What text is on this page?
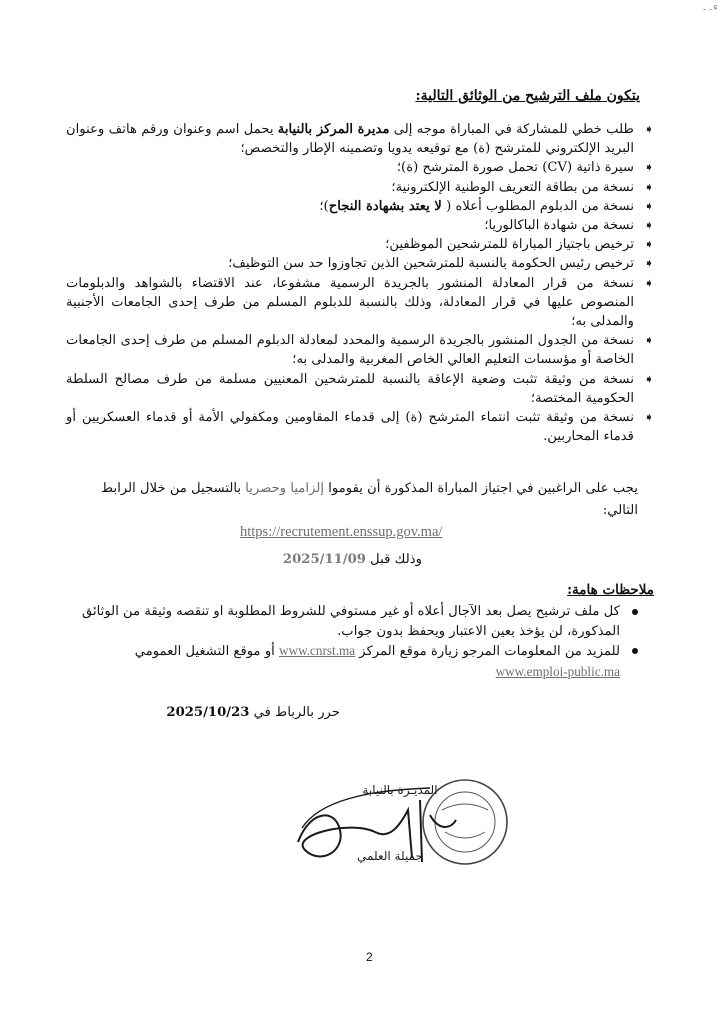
ء۔۔
يتكون ملف الترشيح من الوثائق التالية:
➧
طلب خطي للمشاركة في المباراة موجه إلى مديرة المركز بالنيابة يحمل اسم وعنوان ورقم هاتف وعنوان البريد الإلكتروني للمترشح (ة) مع توقيعه يدويا وتضمينه الإطار والتخصص؛
➧
سيرة ذاتية (CV) تحمل صورة المترشح (ة)؛
➧
نسخة من بطاقة التعريف الوطنية الإلكترونية؛
➧
نسخة من الدبلوم المطلوب أعلاه ( لا يعتد بشهادة النجاح)؛
➧
نسخة من شهادة الباكالوريا؛
➧
ترخيص باجتياز المباراة للمترشحين الموظفين؛
➧
ترخيص رئيس الحكومة بالنسبة للمترشحين الذين تجاوزوا حد سن التوظيف؛
➧
نسخة من قرار المعادلة المنشور بالجريدة الرسمية مشفوعا، عند الاقتضاء بالشواهد والدبلومات المنصوص عليها في قرار المعادلة، وذلك بالنسبة للدبلوم المسلم من طرف إحدى الجامعات الأجنبية والمدلى به؛
➧
نسخة من الجدول المنشور بالجريدة الرسمية والمحدد لمعادلة الدبلوم المسلم من طرف إحدى الجامعات الخاصة أو مؤسسات التعليم العالي الخاص المغربية والمدلى به؛
➧
نسخة من وثيقة تثبت وضعية الإعاقة بالنسبة للمترشحين المعنيين مسلمة من طرف مصالح السلطة الحكومية المختصة؛
➧
نسخة من وثيقة تثبت انتماء المترشح (ة) إلى قدماء المقاومين ومكفولي الأمة أو قدماء العسكريين أو قدماء المحاربين.
يجب على الراغبين في اجتياز المباراة المذكورة أن يقوموا إلزاميا وحصريا بالتسجيل من خلال الرابط التالي:
https://recrutement.enssup.gov.ma/
وذلك قبل 2025/11/09
ملاحظات هامة:
كل ملف ترشيح يصل بعد الآجال أعلاه أو غير مستوفي للشروط المطلوبة او تنقصه وثيقة من الوثائق المذكورة، لن يؤخذ بعين الاعتبار ويحفظ بدون جواب.
للمزيد من المعلومات المرجو زيارة موقع المركز www.cnrst.ma أو موقع التشغيل العمومي
www.emploi-public.ma
حرر بالرباط في 2025/10/23
المديـرة بالنيابة
جميلة العلمي
2
